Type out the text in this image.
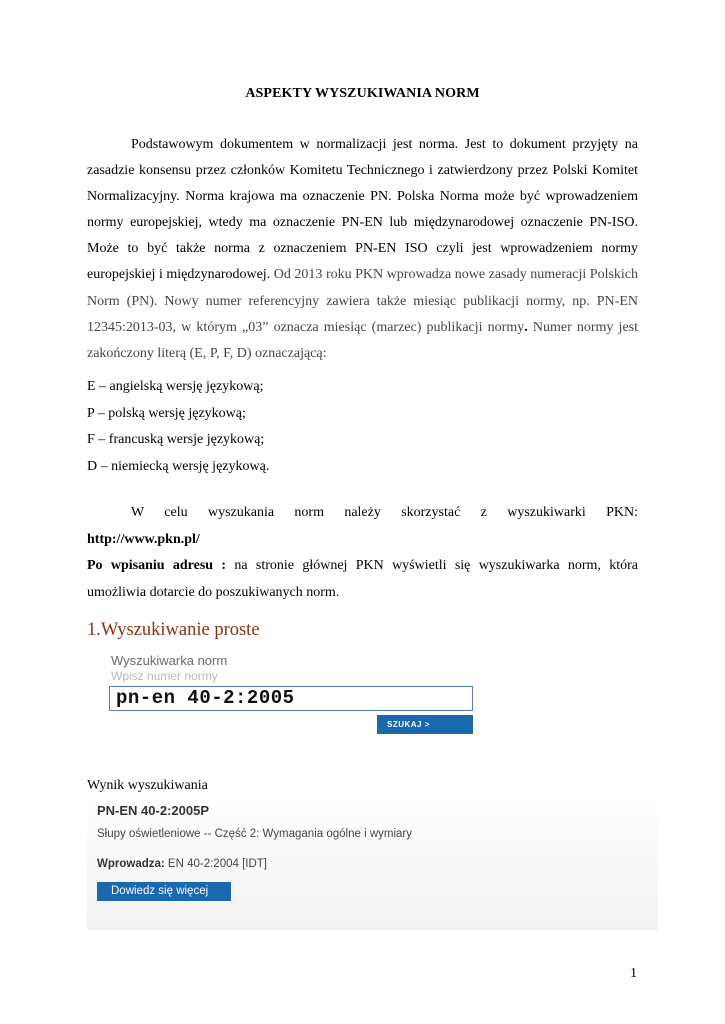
ASPEKTY WYSZUKIWANIA NORM
Podstawowym dokumentem w normalizacji jest norma. Jest to dokument przyjęty na zasadzie konsensu przez członków Komitetu Technicznego i zatwierdzony przez Polski Komitet Normalizacyjny. Norma krajowa ma oznaczenie PN. Polska Norma może być wprowadzeniem normy europejskiej, wtedy ma oznaczenie PN-EN lub międzynarodowej oznaczenie PN-ISO. Może to być także norma z oznaczeniem PN-EN ISO czyli jest wprowadzeniem normy europejskiej i międzynarodowej. Od 2013 roku PKN wprowadza nowe zasady numeracji Polskich Norm (PN). Nowy numer referencyjny zawiera także miesiąc publikacji normy, np. PN-EN 12345:2013-03, w którym „03” oznacza miesiąc (marzec) publikacji normy. Numer normy jest zakończony literą (E, P, F, D) oznaczającą:
E – angielską wersję językową;
P – polską wersję językową;
F – francuską wersje językową;
D – niemiecką wersję językową.
W celu wyszukania norm należy skorzystać z wyszukiwarki PKN:
http://www.pkn.pl/
Po wpisaniu adresu : na stronie głównej PKN wyświetli się wyszukiwarka norm, która umożliwia dotarcie do poszukiwanych norm.
1.Wyszukiwanie proste
Wyszukiwarka norm
Wpisz numer normy
pn-en 40-2:2005
SZUKAJ >
Wynik wyszukiwania
PN-EN 40-2:2005P
Słupy oświetleniowe -- Część 2: Wymagania ogólne i wymiary
Wprowadza: EN 40-2:2004 [IDT]
Dowiedz się więcej
1
